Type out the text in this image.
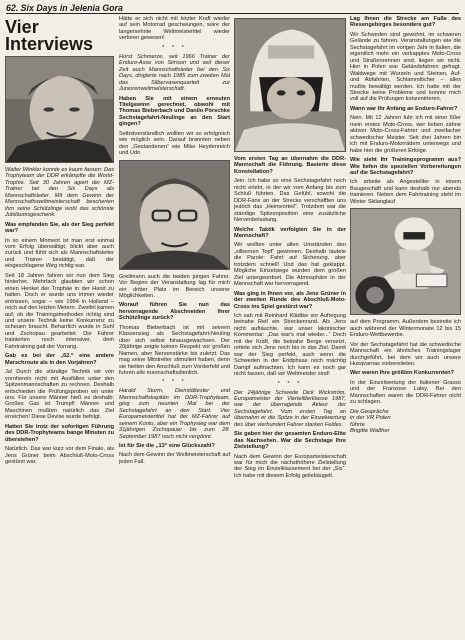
62. Six Days in Jelenia Gora
Vier Interviews

Walter Winkler konnte es kaum fassen: Das Trophyteam der DDR erkämpfte die World-Trophie. Seit 30 Jahren agiert der MZ-Trainer bei den Six Days als Mannschaftsleiter. Mit dem Gewinn der Mannschaftsweltmeisterschaft bescherten ihm seine Schützlinge wohl das schönste Jubiläumsgeschenk.

Was empfanden Sie, als der Sieg perfekt war?

In so einem Moment ist man erst einmal vom Erfolg überwältigt, blickt aber auch zurück und fühlt sich als Mannschaftsleiter und Trainer bestätigt, daß der eingeschlagene Weg richtig war.

Seit 18 Jahren fahren wir nun dem Sieg hinterher. Mehrfach glaubten wir schon einen Henkel der Trophäe in der Hand zu halten. Doch er wurde uns immer wieder entrissen, sogar – wie 1984 in Holland – noch auf den letzten Metern. Zweifel kamen auf, ob die Trainingsmethoden richtig sind und unsere Technik keine Konkurrenz zu scheuen braucht. Beharrlich wurde in Suhl und Zschopau gearbeitet. Die Fahrer trainierten noch intensiver, dem Fahrtraining galt der Vorrang.

Gab es bei der „62.“ eine andere Marschroute als in den Vorjahren?

Ja! Durch die ständige Technik wir von vornherein nicht mit Ausfällen unter den Spitzenmannschaften zu rechnen. Deshalb entschieden die Prüfungsproben wir unter uns. Für unsere Männer hieß es deshalb: Großes Gas ist Trumpf! Männer und Maschinen mußten natürlich das Ziel erreichen! Diese Devise wurde befolgt.

Hatten Sie trotz der sofortigen Führung des DDR-Trophyteams bange Minuten zu überstehen?

Natürlich. Das war kurz vor dem Finale, als Jens Grüner beim Abschluß-Moto-Cross gestürzt war.

Hätte er sich nicht mit letzter Kraft wieder auf sein Motorrad geschwungen, wäre der langersehnte Weltmeistertitel wieder verloren gewesen!

* * *

Horst Schmerze, seit 1966 Trainer der Enduro-Asse von Simson und seit dieser Zeit auch Mannschaftsleiter bei den Six Days, dirigierte nach 1985 zum zweiten Mal das Silbervasenquartett zur Juniorenweltmeisterschaft.

Haben Sie mit einem erneuten Titelgewinn gerechnet, obwohl mit Thomas Bieberbach und Danilo Pörschke Sechstagefahrt-Neulinge an den Start gingen?

Selbstverständlich wollten wir so erfolgreich wie möglich sein. Darauf brannten neben den „Gestandenen“ wie Mike Heydenreich und Udo

Grellmann auch die beiden jungen Fahrer. Vor Beginn der Veranstaltung lag für mich ein dritter Platz im Bereich unserer Möglichkeiten.

Worauf führen Sie nun das hervorragende Abschneiden Ihrer Schützlinge zurück?

Thomas Bieberbach ist mit seinem Klassensieg als Sechstagefahrt-Neuling über sich selbst hinausgewachsen. Der 20jährige zeigte keinen Respekt vor großen Namen, aber Nervenstärke bis zuletzt. Das mag seine Mitstreiter stimuliert haben, denn sie hielten den Anschluß zum Vorderfeld und fuhren alle mannschaftsdienlich.

* * *

Harald Sturm, Dienstältester und Mannschaftskapitän im DDR-Trophyteam, ging zum neunten Mal bei der Sechstagefahrt an den Start. Vier Europameistertitel hat der MZ-Fahrer auf seinem Konto, aber ein Trophysieg war dem 31jährigen Zschopauer bis zum 28. September 1987 noch nicht vergönnt.

Ist für Sie die „13“ eine Glückszahl?

Nach dem Gewinn der Weltmeisterschaft auf jeden Fall.

Vom ersten Tag an übernahm die DDR-Mannschaft die Führung. Basierte diese Konstellation?

Jein. Ich habe so eine Sechstagefahrt noch nicht erlebt, in der wir vom Anfang bis zum Schluß führten. Das Gefühl, sowohl die DDR-Fans an der Strecke verschafften uns jedoch das „Heimvorteil“. Trotzdem war die ständige Spitzenposition eine zusätzliche Nervenbelastung.

Welche Taktik verfolgten Sie in der Mannschaft?

Wir wollten unter allen Umständen den „silbernen Topf“ gewinnen. Deshalb lautete die Parole: Fahrt auf Sicherung, aber trotzdem schnell! Und das hat geklappt. Mögliche Einzelsiege wurden dem großen Ziel untergeordnet. Die Atmosphäre in der Mannschaft war hervorragend.

Was ging in Ihnen vor, als Jens Grüner in der zweiten Runde des Abschluß-Moto-Cross ins Spiel gestürzt war?

Ich sah mit Reinhard Klädtke vor Aufregung beinahe Reif ein Streckenrand. Als Jens nicht auftauchte, war unser lakonischer Kommentar: „Das war's mal wieder...“ Doch mit der Kraft, die beinahe Berge versetzt, rettete sich Jens noch bis in das Ziel. Damit war der Sieg perfekt, auch wenn die Schweden in der Endphase noch mächtig Dampf aufmachten. Ich kann es noch gar nicht fassen, daß wir Weltmeister sind!

* * *

Der 24jährige Schwede Dick Wickström, Europameister der Viertelliterklasse 1987, war der überragende Akteur der Sechstagefahrt. Vom ersten Tag an übernahm er die Spitze in der Einzelwertung des über vierhundert Fahrer starken Feldes.

Sie gaben hier der gesamten Enduro-Elite das Nachsehen. War die Sechstage Ihre Zielstellung?

Nach dem Gewinn der Europameisterschaft war für mich die nächsthöhere Zielstellung der Sieg im Einzelklassement bei der „Six“. Ich habe mit diesem Erfolg geliebäugelt.

Lag Ihnen die Strecke am Fuße des Riesengebirges besonders gut?

Wir Schweden sind gewohnt, im schweren Gelände zu fahren. Veranstaltungen wie die Sechstagefahrt im vorigen Jahr in Italien, die eigentlich mehr ein verkapptes Moto-Cross und Straßenrennen sind, liegen wir nicht. Hier in Polen war Geländefahren gefragt. Waldwege mit Wurzeln und Steinen, Auf- und Abfahrten, Schlammlöcher – alles mußte bewältigt werden. Ich hatte mit der Strecke keine Probleme und konnte mich voll auf die Prüfungen konzentrieren.

Wann war Ihr Anfang an Enduro-Fahrer?

Nein. Mit 12 Jahren fuhr ich mit einer 50er mein erstes Moto-Cross, wer lieben zähne aktiver Moto-Cross-Fahrer und zweifacher schwedischer Meister. Seit drei Jahren bin ich mit Enduro-Motorrädern unterwegs und habe hier die größeren Erfolge.

Wie sieht Ihr Trainingsprogramm aus? Wie liefen die speziellen Vorbereitungen auf die Sechstagefahrt?

Ich arbeite als Angestellter in einem Baugeschäft und kann deshalb nur abends trainieren. Neben dem Fahrtraining steht im Winter Skilanglauf

auf dem Programm. Außerdem bestreite ich auch während der Wintermonate 12 bis 15 Enduro-Wettbewerbe.

Vor der Sechstagefahrt hat die schwedische Mannschaft ein ähnliches Trainingslager durchgeführt, bei dem wir auch unsere Husqvarnas vorbereiteten.

Wer waren Ihre größten Konkurrenten?

In der Einzelwertung der Italiener Grasso und der Franzose Laley. Bei den Mannschaften waren die DDR-Fahrer nicht zu schlagen.

Die Gespräche
in der VR Polen
führte
Brigitte Walther
